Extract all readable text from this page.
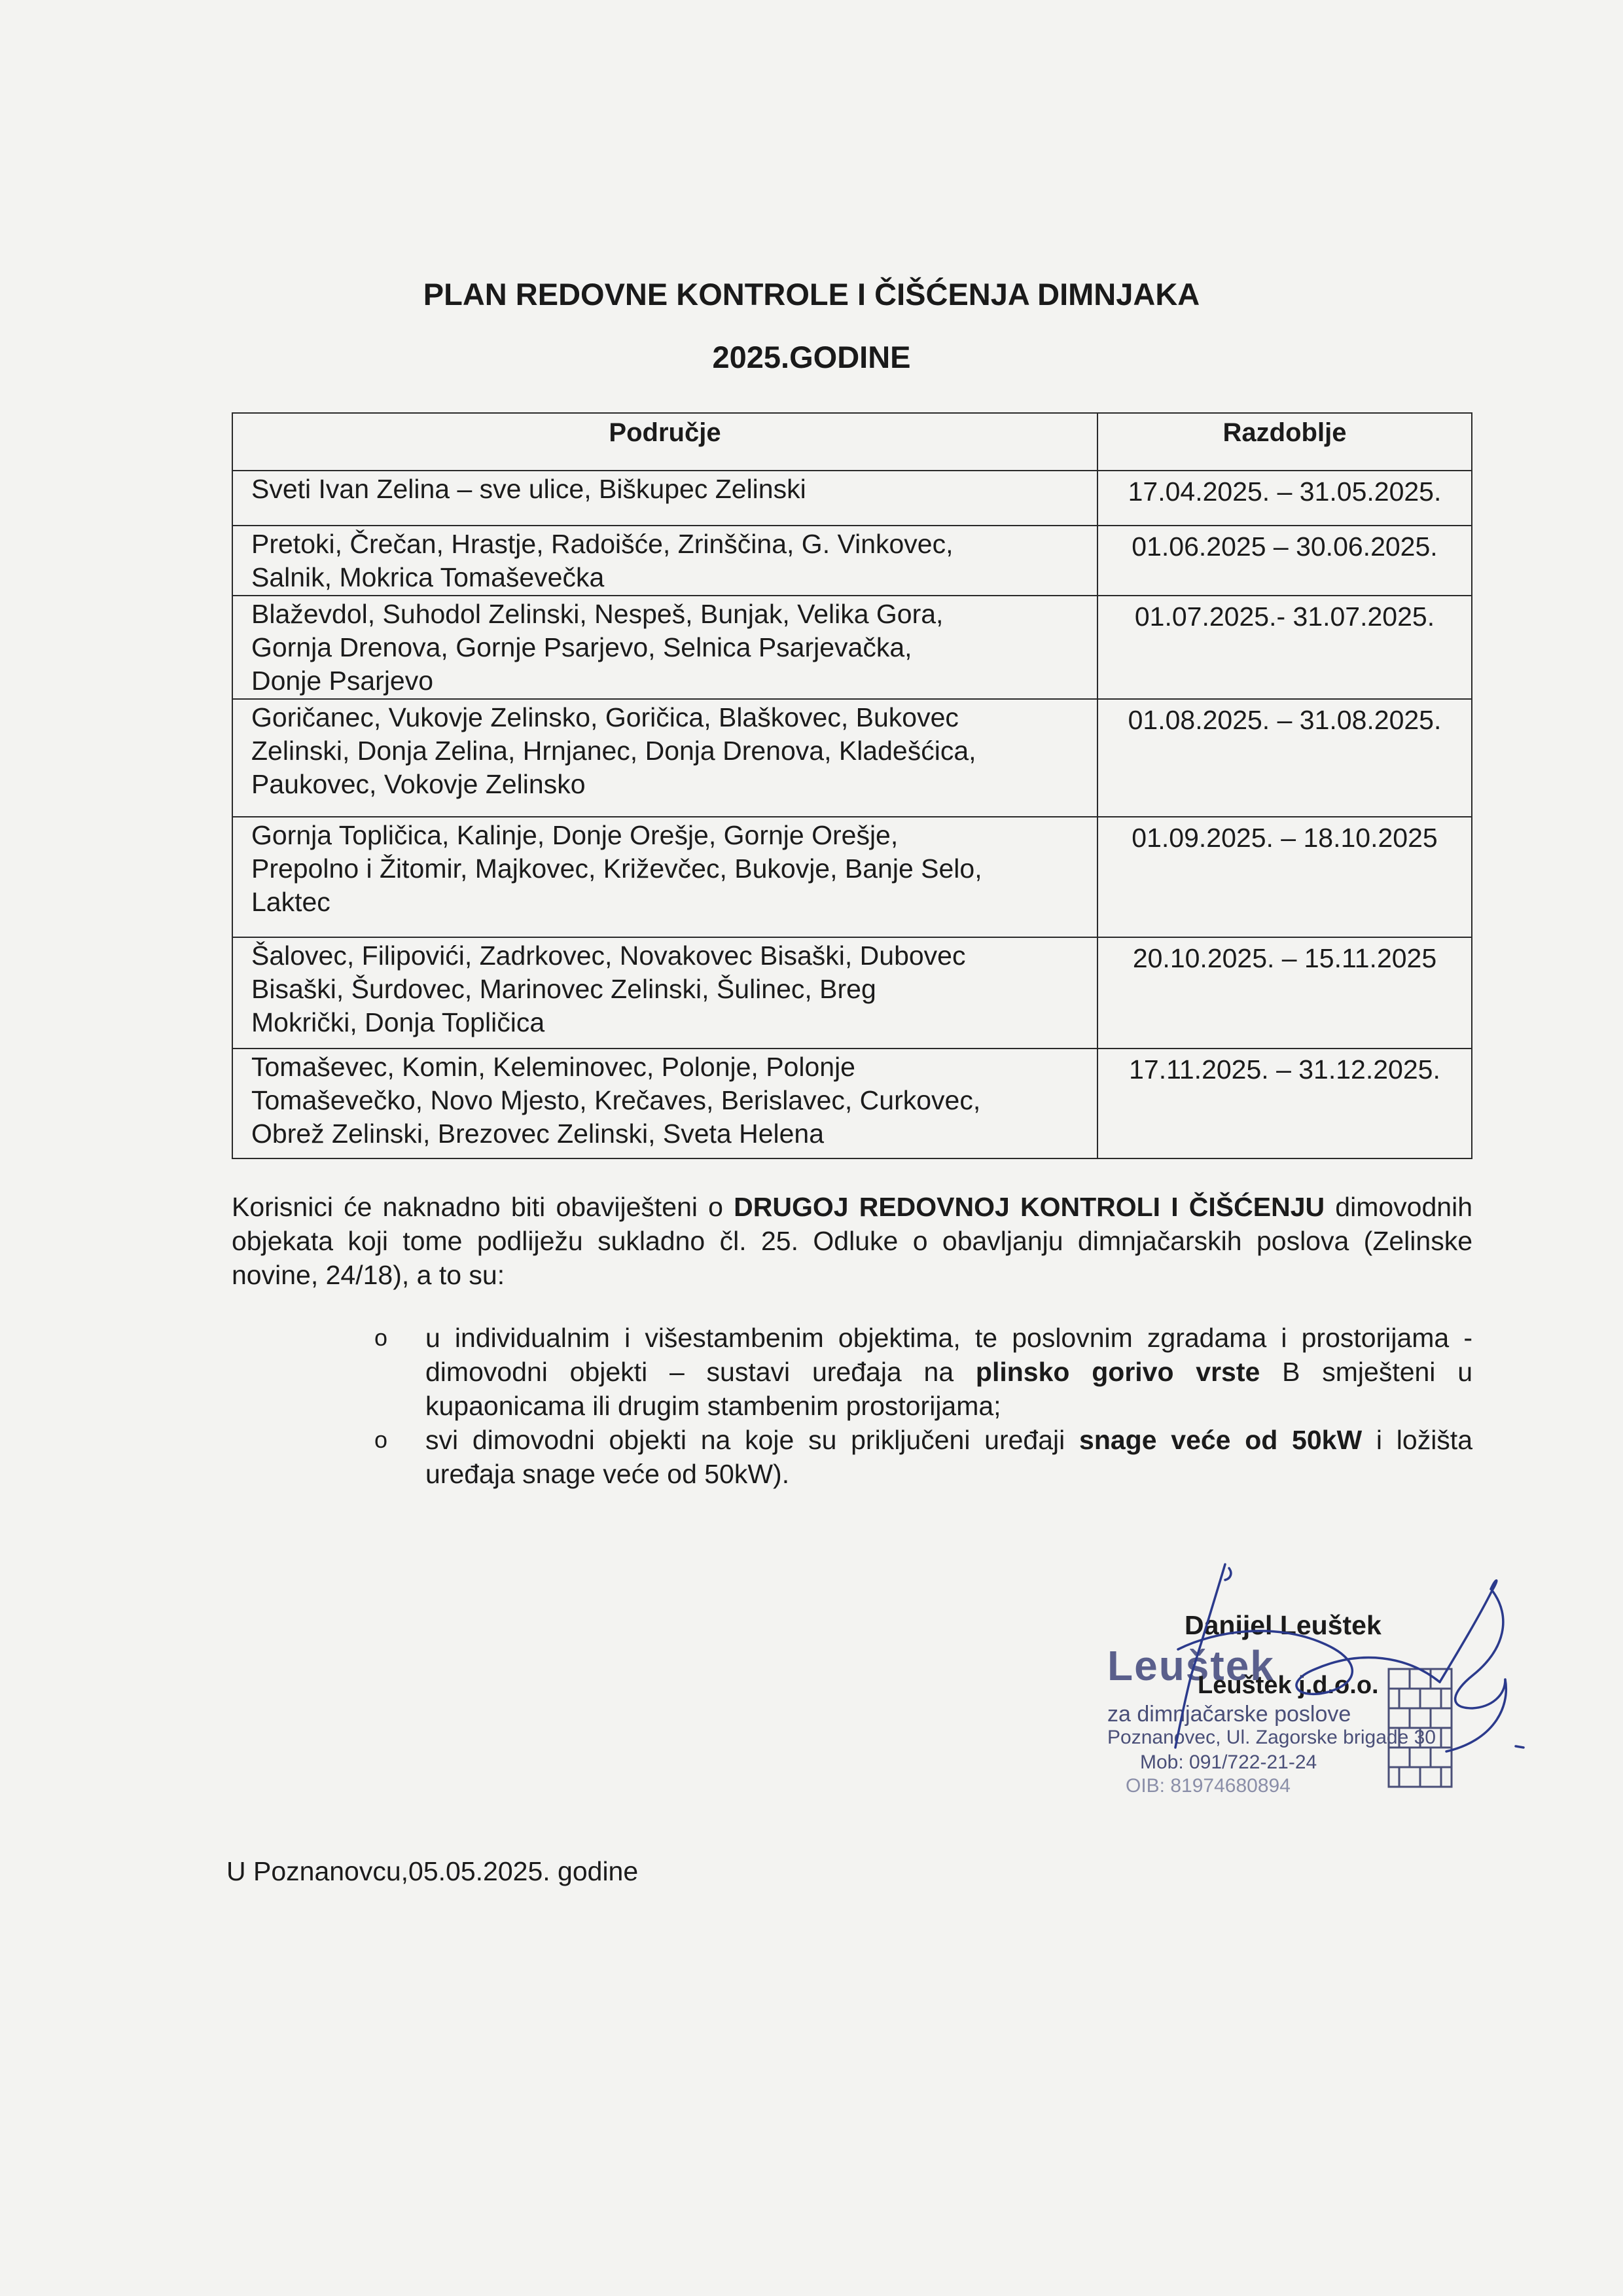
PLAN REDOVNE KONTROLE I ČIŠĆENJA DIMNJAKA
2025.GODINE
Područje	Razdoblje

Sveti Ivan Zelina – sve ulice, Biškupec Zelinski	17.04.2025. – 31.05.2025.

Pretoki, Črečan, Hrastje, Radoišće, Zrinščina, G. Vinkovec,
Salnik, Mokrica Tomaševečka	01.06.2025 – 30.06.2025.

Blaževdol, Suhodol Zelinski, Nespeš, Bunjak, Velika Gora,
Gornja Drenova, Gornje Psarjevo, Selnica Psarjevačka,
Donje Psarjevo	01.07.2025.- 31.07.2025.

Goričanec, Vukovje Zelinsko, Goričica, Blaškovec, Bukovec
Zelinski, Donja Zelina, Hrnjanec, Donja Drenova, Kladešćica,
Paukovec, Vokovje Zelinsko	01.08.2025. – 31.08.2025.

Gornja Topličica, Kalinje, Donje Orešje, Gornje Orešje,
Prepolno i Žitomir, Majkovec, Križevčec, Bukovje, Banje Selo,
Laktec	01.09.2025. – 18.10.2025

Šalovec, Filipovići, Zadrkovec, Novakovec Bisaški, Dubovec
Bisaški, Šurdovec, Marinovec Zelinski, Šulinec, Breg
Mokrički, Donja Topličica	20.10.2025. – 15.11.2025

Tomaševec, Komin, Keleminovec, Polonje, Polonje
Tomaševečko, Novo Mjesto, Krečaves, Berislavec, Curkovec,
Obrež Zelinski, Brezovec Zelinski, Sveta Helena	17.11.2025. – 31.12.2025.
Korisnici će naknadno biti obaviješteni o DRUGOJ REDOVNOJ KONTROLI I ČIŠĆENJU dimovodnih objekata koji tome podliježu sukladno čl. 25. Odluke o obavljanju dimnjačarskih poslova (Zelinske novine, 24/18), a to su:
o u individualnim i višestambenim objektima, te poslovnim zgradama i prostorijama - dimovodni objekti – sustavi uređaja na plinsko gorivo vrste B smješteni u kupaonicama ili drugim stambenim prostorijama;
o svi dimovodni objekti na koje su priključeni uređaji snage veće od 50kW i ložišta uređaja snage veće od 50kW).
Danijel Leuštek
Leuštek
Leuštek j.d.o.o.
za dimnjačarske poslove
Poznanovec, Ul. Zagorske brigade 30
Mob: 091/722-21-24
OIB: 81974680894
U Poznanovcu,05.05.2025. godine
